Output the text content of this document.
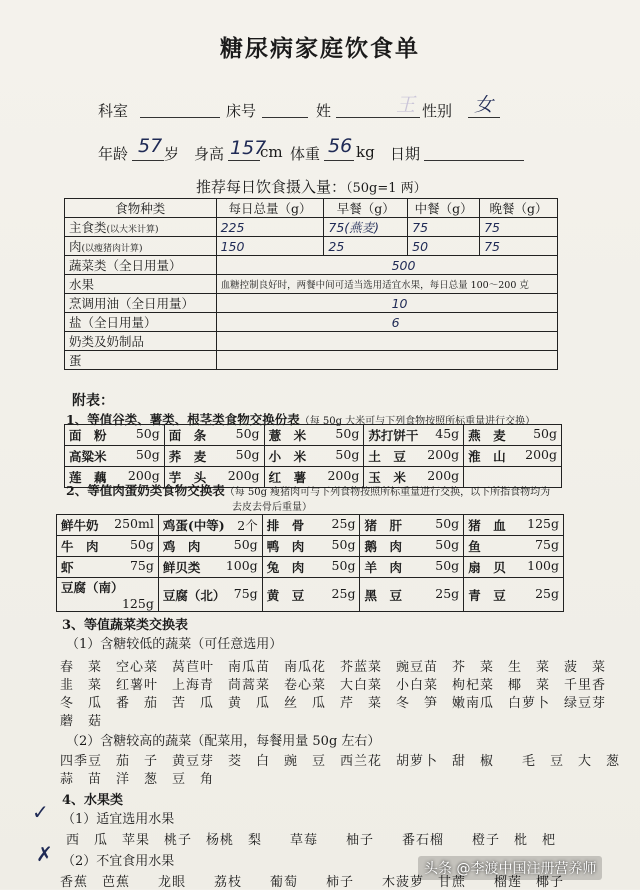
糖尿病家庭饮食单
科室	床号	姓	王 性别 女
年龄 57 岁 身高 157
cm 体重 56 kg 日期
推荐每日饮食摄入量：（50g=1 两）
食物种类	每日总量（g）	早餐（g）	中餐（g）	晚餐（g）
主食类(以大米计算)	225	75(燕麦)	75	75
肉(以瘦猪肉计算)	150	25	50	75
蔬菜类（全日用量）	500			
水果	血糖控制良好时，两餐中间可适当选用适宜水果，每日总量 100～200 克			
烹调用油（全日用量）	10			
盐（全日用量）	6			
奶类及奶制品				
蛋				
附表：
1、等值谷类、薯类、根茎类食物交换份表（每 50g 大米可与下列食物按照所标重量进行交换）
面　粉 50g	面　条 50g	薏　米 50g	苏打饼干 45g	燕　麦 50g

高粱米 50g	荞　麦 50g	小　米 50g	土　豆 200g	淮　山 200g

莲　藕 200g	芋　头 200g	红　薯 200g	玉　米 200g	

2、等值肉蛋奶类食物交换表（每 50g 瘦猪肉可与下列食物按照所标重量进行交换，以下所指食物均为
去皮去骨后重量）
鲜牛奶 250ml	鸡蛋(中等) 2个	排　骨 25g	猪　肝 50g	猪　血 125g

牛　肉 50g	鸡　肉 50g	鸭　肉 50g	鹅　肉 50g	鱼 75g

虾 75g	鲜贝类 100g	兔　肉 50g	羊　肉 50g	扇　贝 100g

豆腐（南）
125g	豆腐（北） 75g	黄　豆 25g	黑　豆 25g	青　豆 25g
3、等值蔬菜类交换表
（1）含糖较低的蔬菜（可任意选用）
春　菜　空心菜　莴苣叶　南瓜苗　南瓜花　芥蓝菜　豌豆苗　芥　菜　生　菜　菠　菜
韭　菜　红薯叶　上海青　茼蒿菜　卷心菜　大白菜　小白菜　枸杞菜　椰　菜　千里香
冬　瓜　番　茄　苦　瓜　黄　瓜　丝　瓜　芹　菜　冬　笋　嫩南瓜　白萝卜　绿豆芽
蘑　菇
（2）含糖较高的蔬菜（配菜用，每餐用量 50g 左右）
四季豆　茄　子　黄豆芽　茭　白　豌　豆　西兰花　胡萝卜　甜　椒　　毛　豆　大　葱
蒜　苗　洋　葱　豆　角
4、水果类
✓ （1）适宜选用水果
西　瓜　苹果　桃子　杨桃　梨　　草莓　　柚子　　番石榴　　橙子　枇　杷
✗ （2）不宜食用水果
香蕉　芭蕉　　龙眼　　荔枝　　葡萄　　柿子　　木菠萝　甘蔗　　榴莲　椰子
头条 @李渡中国注册营养师
